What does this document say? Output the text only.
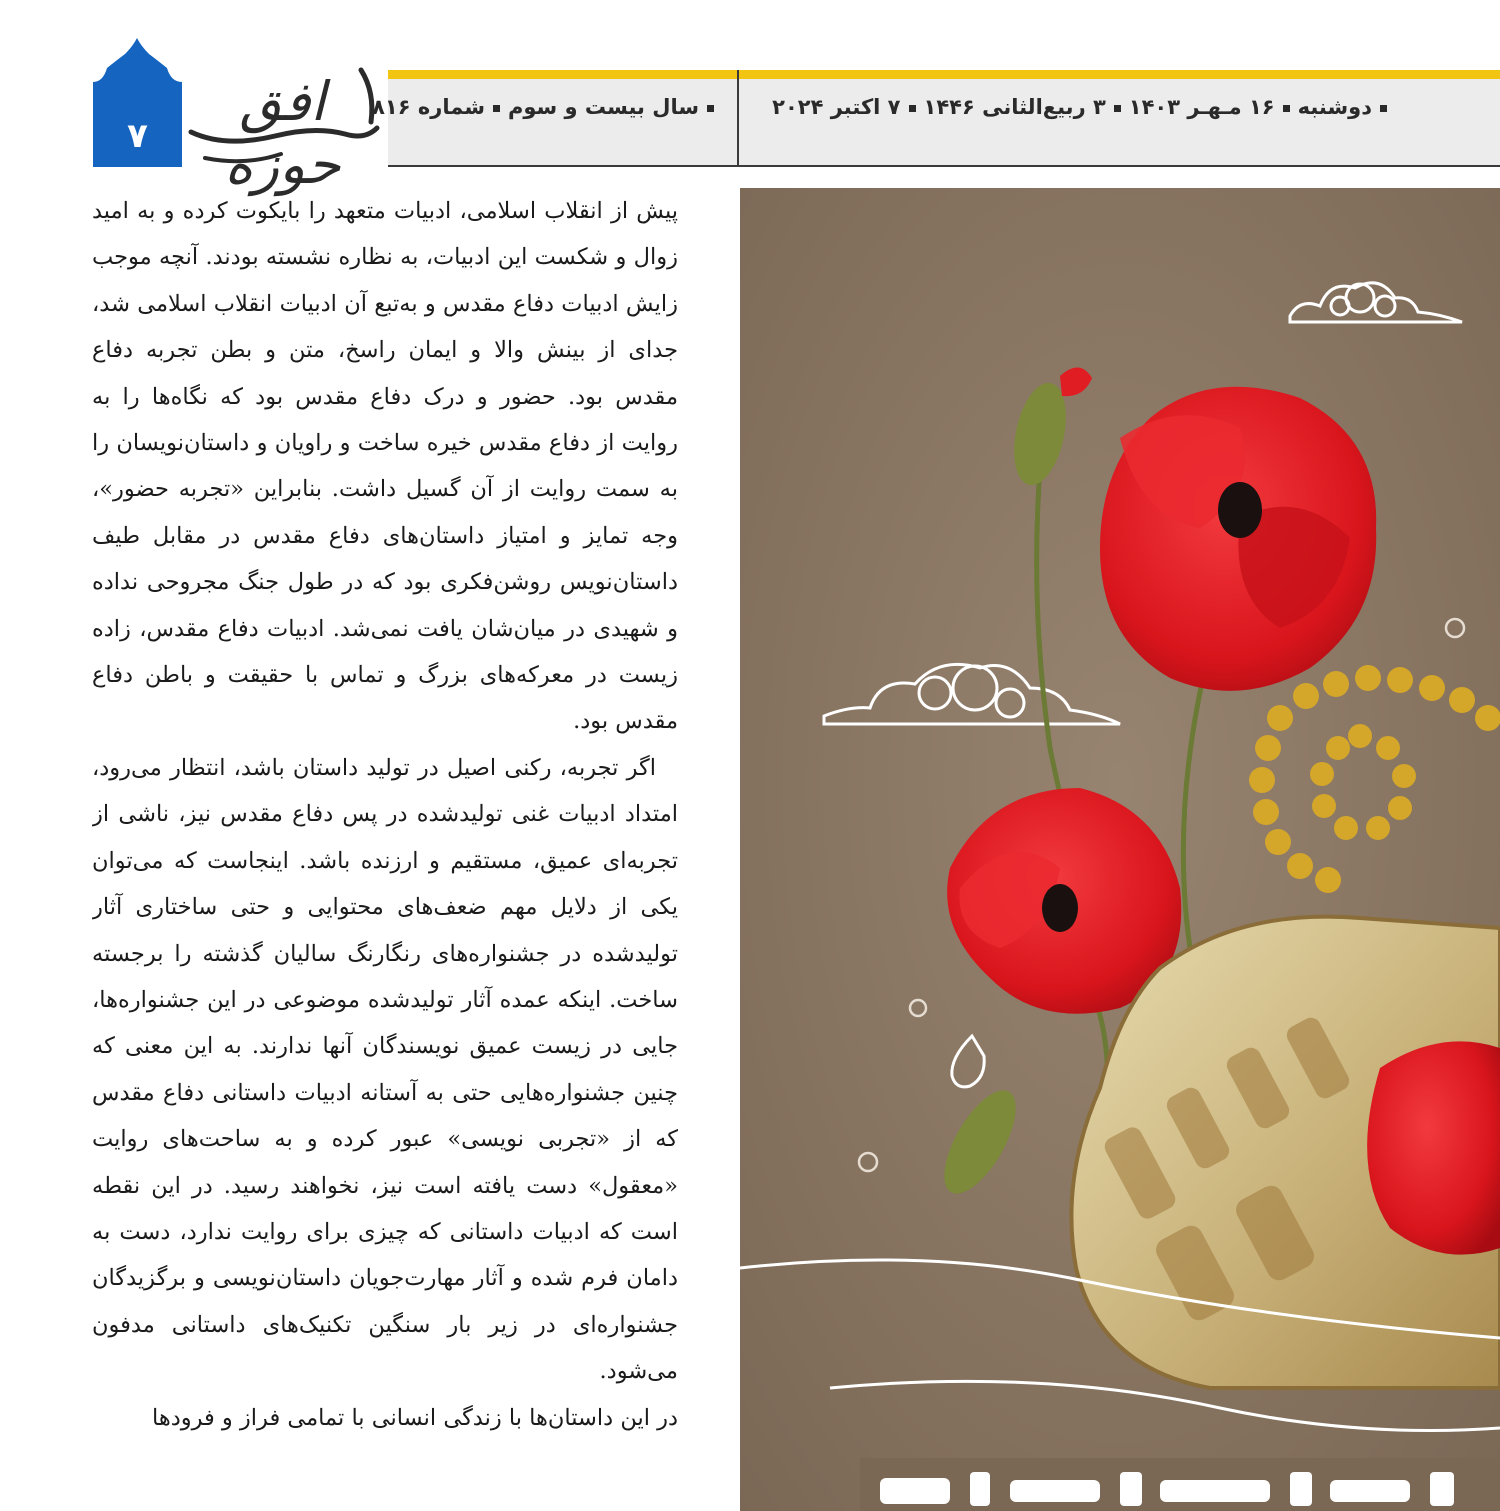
۷
افق حوزه
سال بیست و سومشماره ۸۱۶	دوشنبه۱۶ مـهـر ۱۴۰۳۳ ربیع‌الثانی ۱۴۴۶۷ اکتبر ۲۰۲۴

پیش از انقلاب اسلامی، ادبیات متعهد را بایکوت کرده و به امید زوال و شکست این ادبیات، به نظاره نشسته بودند. آنچه موجب زایش ادبیات دفاع مقدس و به‌تبع آن ادبیات انقلاب اسلامی شد، جدای از بینش والا و ایمان راسخ، متن و بطن تجربه دفاع مقدس بود. حضور و درک دفاع مقدس بود که نگاه‌ها را به روایت از دفاع مقدس خیره ساخت و راویان و داستان‌نویسان را به سمت روایت از آن گسیل داشت. بنابراین «تجربه حضور»، وجه تمایز و امتیاز داستان‌های دفاع مقدس در مقابل طیف داستان‌نویس روشن‌فکری بود که در طول جنگ مجروحی نداده و شهیدی در میان‌شان یافت نمی‌شد. ادبیات دفاع مقدس، زاده زیست در معرکه‌های بزرگ و تماس با حقیقت و باطن دفاع مقدس بود.

اگر تجربه، رکنی اصیل در تولید داستان باشد، انتظار می‌رود، امتداد ادبیات غنی تولیدشده در پس دفاع مقدس نیز، ناشی از تجربه‌ای عمیق، مستقیم و ارزنده باشد. اینجاست که می‌توان یکی از دلایل مهم ضعف‌های محتوایی و حتی ساختاری آثار تولیدشده در جشنواره‌های رنگارنگ سالیان گذشته را برجسته ساخت. اینکه عمده آثار تولیدشده موضوعی در این جشنواره‌ها، جایی در زیست عمیق نویسندگان آنها ندارند. به این معنی که چنین جشنواره‌هایی حتی به آستانه ادبیات داستانی دفاع مقدس که از «تجربی نویسی» عبور کرده و به ساحت‌های روایت «معقول» دست یافته است نیز، نخواهند رسید. در این نقطه است که ادبیات داستانی که چیزی برای روایت ندارد، دست به دامان فرم شده و آثار مهارت‌جویان داستان‌نویسی و برگزیدگان جشنواره‌ای در زیر بار سنگین تکنیک‌های داستانی مدفون می‌شود.

در این داستان‌ها با زندگی انسانی با تمامی فراز و فرودها
